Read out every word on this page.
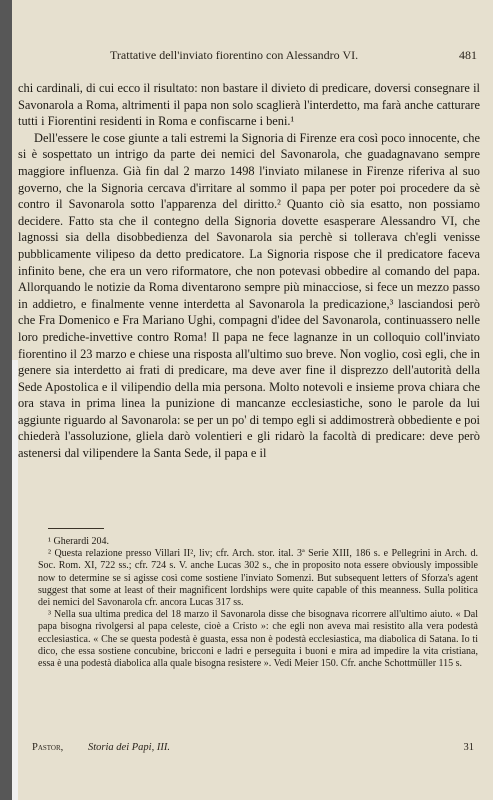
Trattative dell'inviato fiorentino con Alessandro VI.	481

chi cardinali, di cui ecco il risultato: non bastare il divieto di predicare, doversi consegnare il Savonarola a Roma, altrimenti il papa non solo scaglierà l'interdetto, ma farà anche catturare tutti i Fiorentini residenti in Roma e confiscarne i beni.¹

Dell'essere le cose giunte a tali estremi la Signoria di Firenze era così poco innocente, che si è sospettato un intrigo da parte dei nemici del Savonarola, che guadagnavano sempre maggiore influenza. Già fin dal 2 marzo 1498 l'inviato milanese in Firenze riferiva al suo governo, che la Signoria cercava d'irritare al sommo il papa per poter poi procedere da sè contro il Savonarola sotto l'apparenza del diritto.² Quanto ciò sia esatto, non possiamo decidere. Fatto sta che il contegno della Signoria dovette esasperare Alessandro VI, che lagnossi sia della disobbedienza del Savonarola sia perchè si tollerava ch'egli venisse pubblicamente vilipeso da detto predicatore. La Signoria rispose che il predicatore faceva infinito bene, che era un vero riformatore, che non potevasi obbedire al comando del papa. Allorquando le notizie da Roma diventarono sempre più minacciose, si fece un mezzo passo in addietro, e finalmente venne interdetta al Savonarola la predicazione,³ lasciandosi però che Fra Domenico e Fra Mariano Ughi, compagni d'idee del Savonarola, continuassero nelle loro prediche-invettive contro Roma! Il papa ne fece lagnanze in un colloquio coll'inviato fiorentino il 23 marzo e chiese una risposta all'ultimo suo breve. Non voglio, così egli, che in genere sia interdetto ai frati di predicare, ma deve aver fine il disprezzo dell'autorità della Sede Apostolica e il vilipendio della mia persona. Molto notevoli e insieme prova chiara che ora stava in prima linea la punizione di mancanze ecclesiastiche, sono le parole da lui aggiunte riguardo al Savonarola: se per un po' di tempo egli si addimostrerà obbediente e poi chiederà l'assoluzione, gliela darò volentieri e gli ridarò la facoltà di predicare: deve però astenersi dal vilipendere la Santa Sede, il papa e il

¹ Gherardi 204.

² Questa relazione presso Villari II², liv; cfr. Arch. stor. ital. 3ª Serie XIII, 186 s. e Pellegrini in Arch. d. Soc. Rom. XI, 722 ss.; cfr. 724 s. V. anche Lucas 302 s., che in proposito nota essere obviously impossible now to determine se si agisse così come sostiene l'inviato Somenzi. But subsequent letters of Sforza's agent suggest that some at least of their magnificent lordships were quite capable of this meanness. Sulla politica dei nemici del Savonarola cfr. ancora Lucas 317 ss.

³ Nella sua ultima predica del 18 marzo il Savonarola disse che bisognava ricorrere all'ultimo aiuto. « Dal papa bisogna rivolgersi al papa celeste, cioè a Cristo »: che egli non aveva mai resistito alla vera podestà ecclesiastica. « Che se questa podestà è guasta, essa non è podestà ecclesiastica, ma diabolica di Satana. Io ti dico, che essa sostiene concubine, bricconi e ladri e perseguita i buoni e mira ad impedire la vita cristiana, essa è una podestà diabolica alla quale bisogna resistere ». Vedi Meier 150. Cfr. anche Schottmüller 115 s.

Pastor, Storia dei Papi, III.	31
